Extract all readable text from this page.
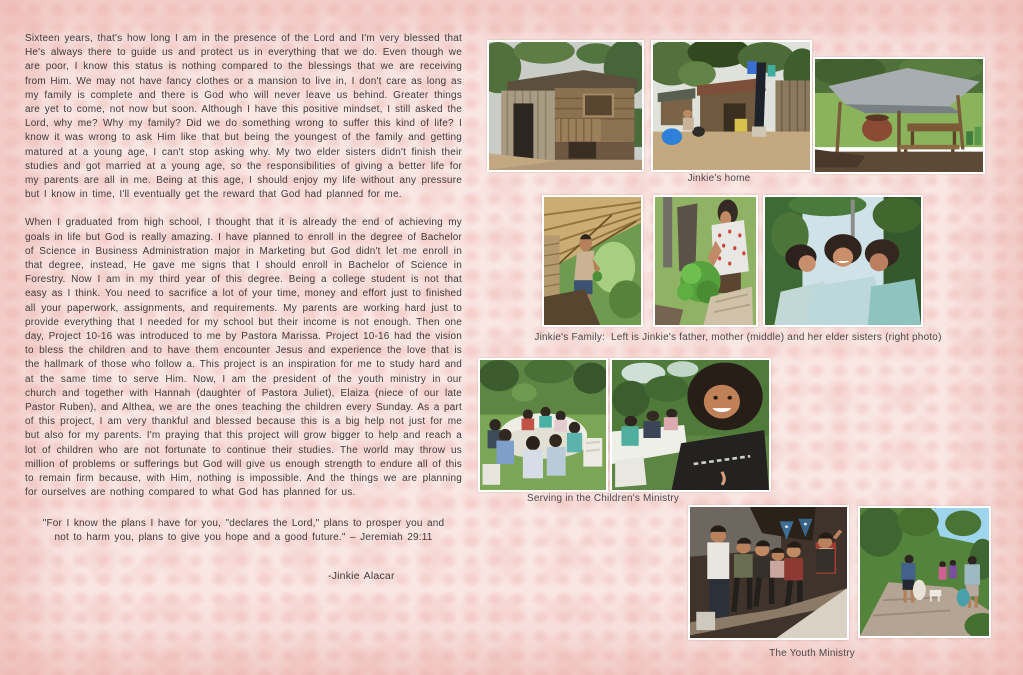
Sixteen years, that's how long I am in the presence of the Lord and I'm very blessed that He's always there to guide us and protect us in everything that we do. Even though we are poor, I know this status is nothing compared to the blessings that we are receiving from Him. We may not have fancy clothes or a mansion to live in, I don't care as long as my family is complete and there is God who will never leave us behind. Greater things are yet to come, not now but soon. Although I have this positive mindset, I still asked the Lord, why me? Why my family? Did we do something wrong to suffer this kind of life? I know it was wrong to ask Him like that but being the youngest of the family and getting matured at a young age, I can't stop asking why. My two elder sisters didn't finish their studies and got married at a young age, so the responsibilities of giving a better life for my parents are all in me. Being at this age, I should enjoy my life without any pressure but I know in time, I'll eventually get the reward that God had planned for me.

When I graduated from high school, I thought that it is already the end of achieving my goals in life but God is really amazing. I have planned to enroll in the degree of Bachelor of Science in Business Administration major in Marketing but God didn't let me enroll in that degree, instead, He gave me signs that I should enroll in Bachelor of Science in Forestry. Now I am in my third year of this degree. Being a college student is not that easy as I think. You need to sacrifice a lot of your time, money and effort just to finished all your paperwork, assignments, and requirements. My parents are working hard just to provide everything that I needed for my school but their income is not enough. Then one day, Project 10-16 was introduced to me by Pastora Marissa. Project 10-16 had the vision to bless the children and to have them encounter Jesus and experience the love that is the hallmark of those who follow a. This project is an inspiration for me to study hard and at the same time to serve Him. Now, I am the president of the youth ministry in our church and together with Hannah (daughter of Pastora Juliet), Elaiza (niece of our late Pastor Ruben), and Althea, we are the ones teaching the children every Sunday. As a part of this project, I am very thankful and blessed because this is a big help not just for me but also for my parents. I'm praying that this project will grow bigger to help and reach a lot of children who are not fortunate to continue their studies. The world may throw us million of problems or sufferings but God will give us enough strength to endure all of this to remain firm because, with Him, nothing is impossible. And the things we are planning for ourselves are nothing compared to what God has planned for us.

"For I know the plans I have for you, "declares the Lord," plans to prosper you and not to harm you, plans to give you hope and a good future." – Jeremiah 29:11
-Jinkie Alacar
Jinkie's home
Jinkie's Family:  Left is Jinkie's father, mother (middle) and her elder sisters (right photo)
Serving in the Children's Ministry
The Youth Ministry
